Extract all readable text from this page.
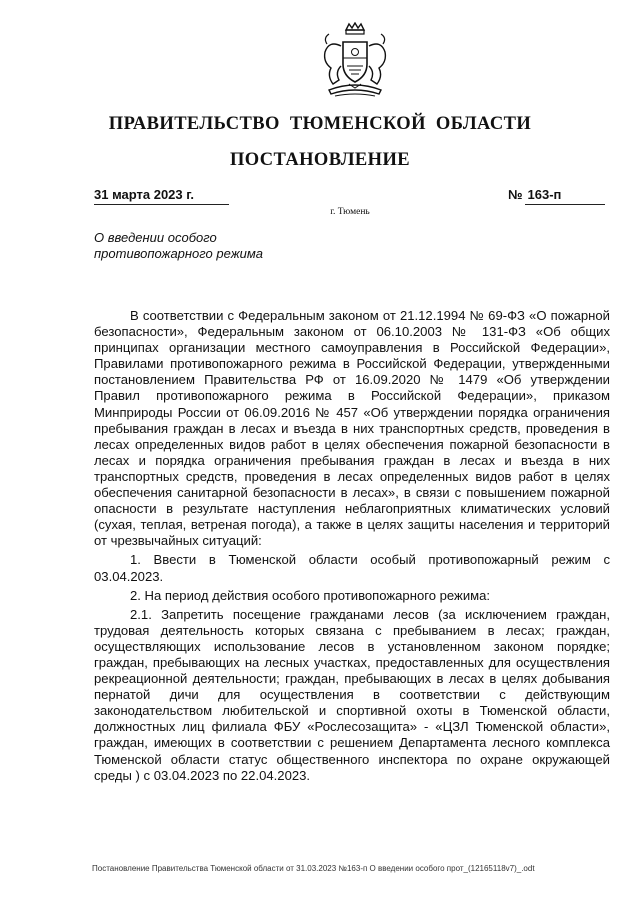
ПРАВИТЕЛЬСТВО ТЮМЕНСКОЙ ОБЛАСТИ
ПОСТАНОВЛЕНИЕ
31 марта 2023 г.	№ 163-п
г. Тюмень
О введении особого противопожарного режима

В соответствии с Федеральным законом от 21.12.1994 № 69-ФЗ «О пожарной безопасности», Федеральным законом от 06.10.2003 № 131-ФЗ «Об общих принципах организации местного самоуправления в Российской Федерации», Правилами противопожарного режима в Российской Федерации, утвержденными постановлением Правительства РФ от 16.09.2020 № 1479 «Об утверждении Правил противопожарного режима в Российской Федерации», приказом Минприроды России от 06.09.2016 № 457 «Об утверждении порядка ограничения пребывания граждан в лесах и въезда в них транспортных средств, проведения в лесах определенных видов работ в целях обеспечения пожарной безопасности в лесах и порядка ограничения пребывания граждан в лесах и въезда в них транспортных средств, проведения в лесах определенных видов работ в целях обеспечения санитарной безопасности в лесах», в связи с повышением пожарной опасности в результате наступления неблагоприятных климатических условий (сухая, теплая, ветреная погода), а также в целях защиты населения и территорий от чрезвычайных ситуаций:

1. Ввести в Тюменской области особый противопожарный режим с 03.04.2023.

2. На период действия особого противопожарного режима:

2.1. Запретить посещение гражданами лесов (за исключением граждан, трудовая деятельность которых связана с пребыванием в лесах; граждан, осуществляющих использование лесов в установленном законом порядке; граждан, пребывающих на лесных участках, предоставленных для осуществления рекреационной деятельности; граждан, пребывающих в лесах в целях добывания пернатой дичи для осуществления в соответствии с действующим законодательством любительской и спортивной охоты в Тюменской области, должностных лиц филиала ФБУ «Рослесозащита» - «ЦЗЛ Тюменской области», граждан, имеющих в соответствии с решением Департамента лесного комплекса Тюменской области статус общественного инспектора по охране окружающей среды ) с 03.04.2023 по 22.04.2023.

Постановление Правительства Тюменской области от 31.03.2023 №163-п О введении особого прот_(12165118v7)_.odt
